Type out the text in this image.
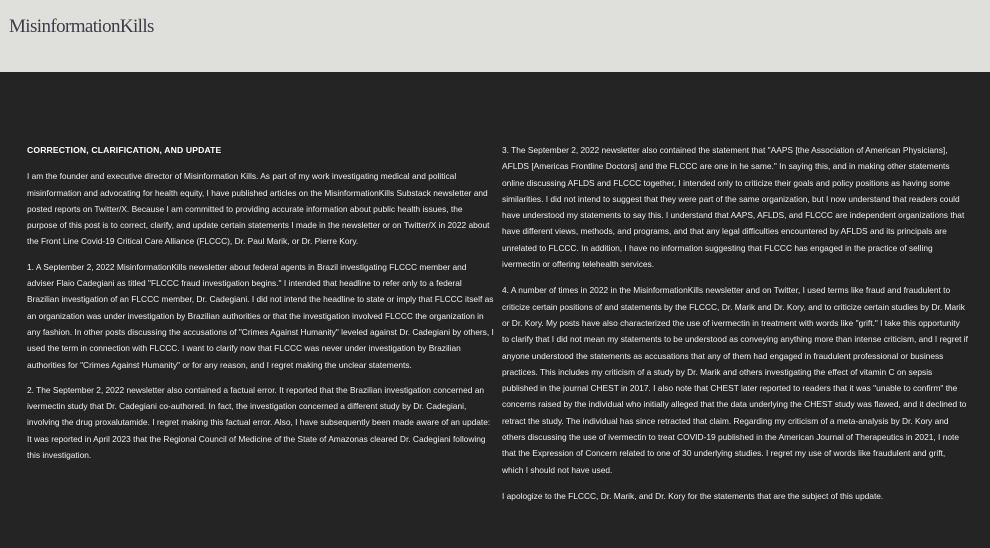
MisinformationKills
CORRECTION, CLARIFICATION, AND UPDATE

I am the founder and executive director of Misinformation Kills. As part of my work investigating medical and political misinformation and advocating for health equity, I have published articles on the MisinformationKills Substack newsletter and posted reports on Twitter/X. Because I am committed to providing accurate information about public health issues, the purpose of this post is to correct, clarify, and update certain statements I made in the newsletter or on Twitter/X in 2022 about the Front Line Covid-19 Critical Care Alliance (FLCCC), Dr. Paul Marik, or Dr. Pierre Kory.

1. A September 2, 2022 MisinformationKills newsletter about federal agents in Brazil investigating FLCCC member and adviser Flaio Cadegiani as titled "FLCCC fraud investigation begins." I intended that headline to refer only to a federal Brazilian investigation of an FLCCC member, Dr. Cadegiani. I did not intend the headline to state or imply that FLCCC itself as an organization was under investigation by Brazilian authorities or that the investigation involved FLCCC the organization in any fashion. In other posts discussing the accusations of "Crimes Against Humanity" leveled against Dr. Cadegiani by others, I used the term in connection with FLCCC. I want to clarify now that FLCCC was never under investigation by Brazilian authorities for "Crimes Against Humanity" or for any reason, and I regret making the unclear statements.

2. The September 2, 2022 newsletter also contained a factual error. It reported that the Brazilian investigation concerned an ivermectin study that Dr. Cadegiani co-authored. In fact, the investigation concerned a different study by Dr. Cadegiani, involving the drug proxalutamide. I regret making this factual error. Also, I have subsequently been made aware of an update: It was reported in April 2023 that the Regional Council of Medicine of the State of Amazonas cleared Dr. Cadegiani following this investigation.

3. The September 2, 2022 newsletter also contained the statement that "AAPS [the Association of American Physicians], AFLDS [Americas Frontline Doctors] and the FLCCC are one in he same." In saying this, and in making other statements online discussing AFLDS and FLCCC together, I intended only to criticize their goals and policy positions as having some similarities. I did not intend to suggest that they were part of the same organization, but I now understand that readers could have understood my statements to say this. I understand that AAPS, AFLDS, and FLCCC are independent organizations that have different views, methods, and programs, and that any legal difficulties encountered by AFLDS and its principals are unrelated to FLCCC. In addition, I have no information suggesting that FLCCC has engaged in the practice of selling ivermectin or offering telehealth services.

4. A number of times in 2022 in the MisinformationKills newsletter and on Twitter, I used terms like fraud and fraudulent to criticize certain positions of and statements by the FLCCC, Dr. Marik and Dr. Kory, and to criticize certain studies by Dr. Marik or Dr. Kory. My posts have also characterized the use of ivermectin in treatment with words like "grift." I take this opportunity to clarify that I did not mean my statements to be understood as conveying anything more than intense criticism, and I regret if anyone understood the statements as accusations that any of them had engaged in fraudulent professional or business practices. This includes my criticism of a study by Dr. Marik and others investigating the effect of vitamin C on sepsis published in the journal CHEST in 2017. I also note that CHEST later reported to readers that it was "unable to confirm" the concerns raised by the individual who initially alleged that the data underlying the CHEST study was flawed, and it declined to retract the study. The individual has since retracted that claim. Regarding my criticism of a meta-analysis by Dr. Kory and others discussing the use of ivermectin to treat COVID-19 published in the American Journal of Therapeutics in 2021, I note that the Expression of Concern related to one of 30 underlying studies. I regret my use of words like fraudulent and grift, which I should not have used.

I apologize to the FLCCC, Dr. Marik, and Dr. Kory for the statements that are the subject of this update.
